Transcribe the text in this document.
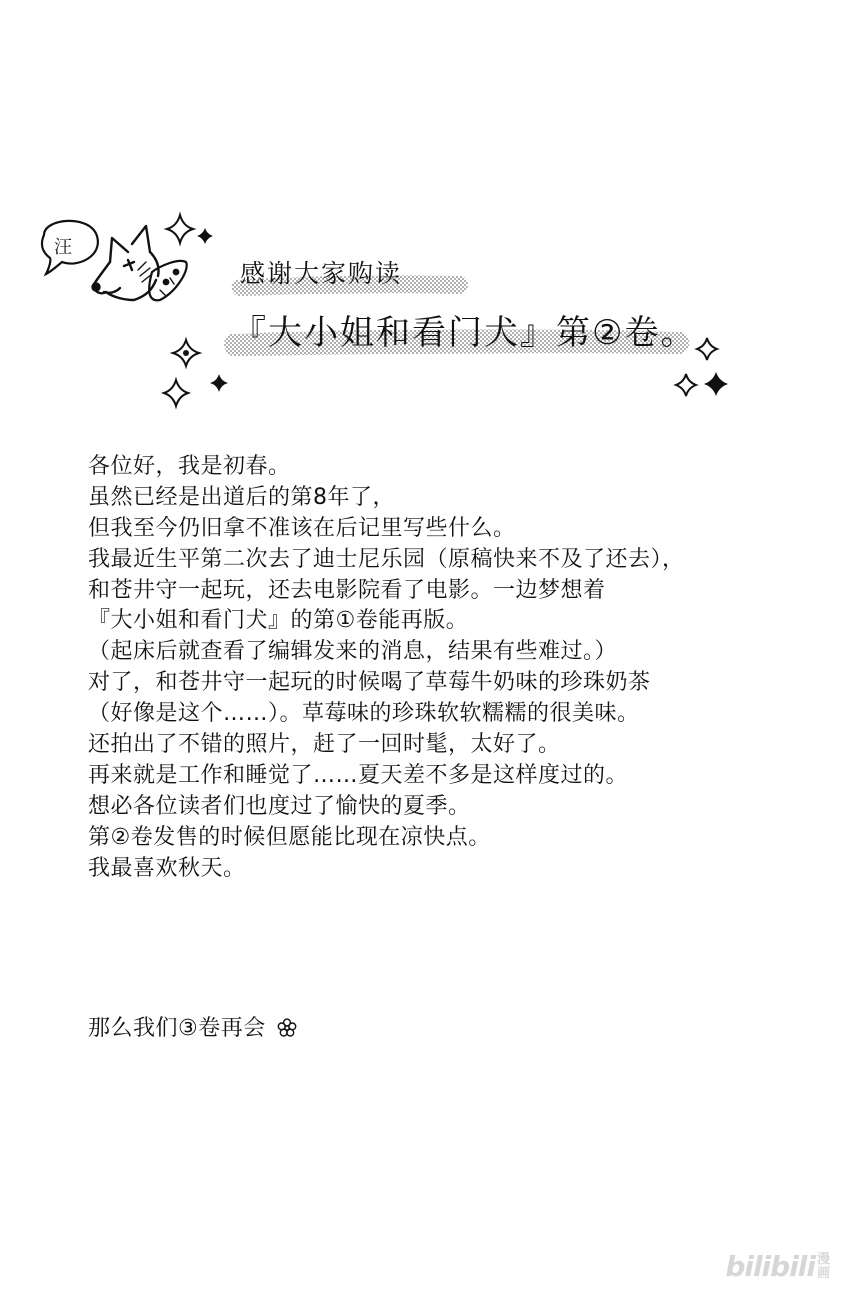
汪
感谢大家购读
『大小姐和看门犬』第②卷。
各位好，我是初春。
虽然已经是出道后的第8年了，
但我至今仍旧拿不准该在后记里写些什么。
我最近生平第二次去了迪士尼乐园（原稿快来不及了还去），
和苍井守一起玩，还去电影院看了电影。一边梦想着
『大小姐和看门犬』的第①卷能再版。
（起床后就查看了编辑发来的消息，结果有些难过。）
对了，和苍井守一起玩的时候喝了草莓牛奶味的珍珠奶茶
（好像是这个……）。草莓味的珍珠软软糯糯的很美味。
还拍出了不错的照片，赶了一回时髦，太好了。
再来就是工作和睡觉了……夏天差不多是这样度过的。
想必各位读者们也度过了愉快的夏季。
第②卷发售的时候但愿能比现在凉快点。
我最喜欢秋天。
那么我们③卷再会
bilibili 漫
画
